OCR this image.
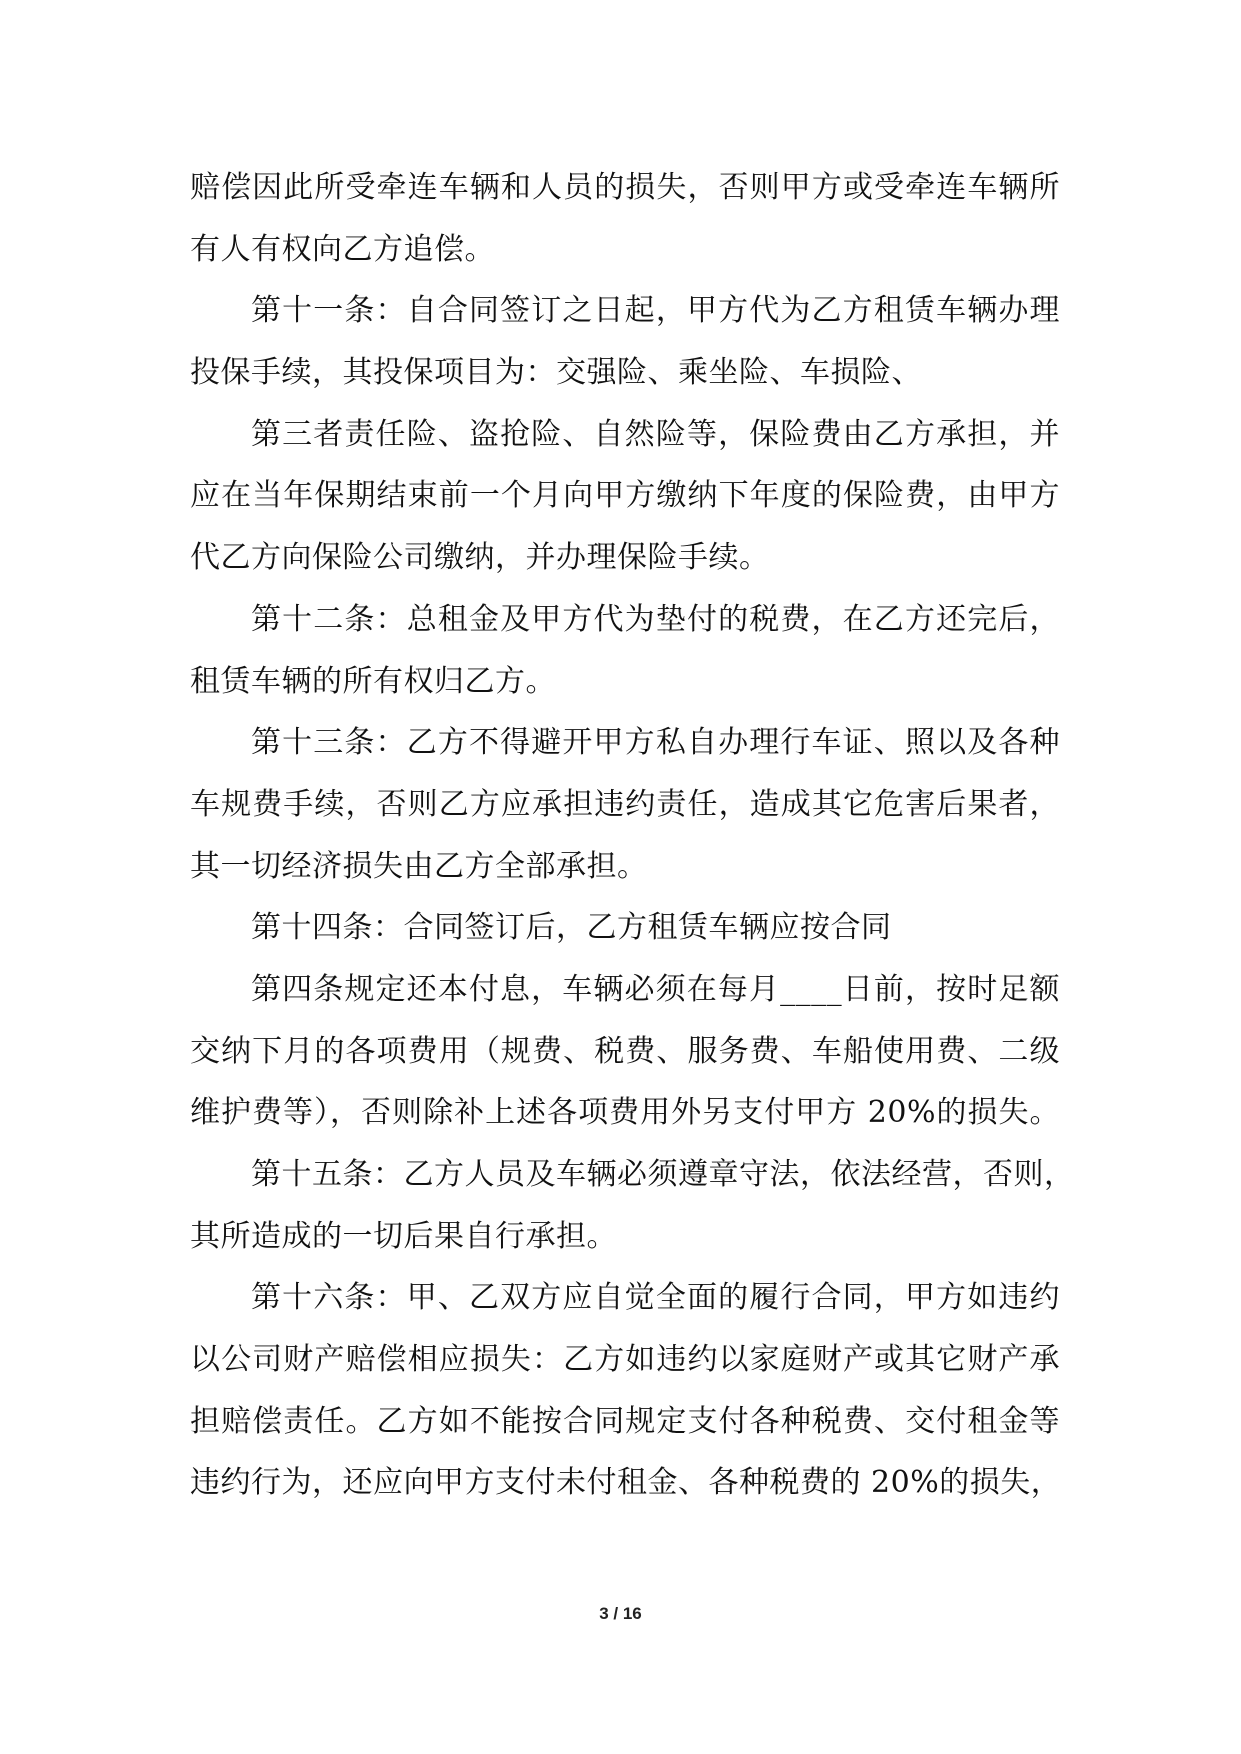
赔偿因此所受牵连车辆和人员的损失，否则甲方或受牵连车辆所
有人有权向乙方追偿。
第十一条：自合同签订之日起，甲方代为乙方租赁车辆办理
投保手续，其投保项目为：交强险、乘坐险、车损险、
第三者责任险、盗抢险、自然险等，保险费由乙方承担，并
应在当年保期结束前一个月向甲方缴纳下年度的保险费，由甲方
代乙方向保险公司缴纳，并办理保险手续。
第十二条：总租金及甲方代为垫付的税费，在乙方还完后，
租赁车辆的所有权归乙方。
第十三条：乙方不得避开甲方私自办理行车证、照以及各种
车规费手续，否则乙方应承担违约责任，造成其它危害后果者，
其一切经济损失由乙方全部承担。
第十四条：合同签订后，乙方租赁车辆应按合同
第四条规定还本付息，车辆必须在每月____日前，按时足额
交纳下月的各项费用（规费、税费、服务费、车船使用费、二级
维护费等），否则除补上述各项费用外另支付甲方 20%的损失。
第十五条：乙方人员及车辆必须遵章守法，依法经营，否则，
其所造成的一切后果自行承担。
第十六条：甲、乙双方应自觉全面的履行合同，甲方如违约
以公司财产赔偿相应损失：乙方如违约以家庭财产或其它财产承
担赔偿责任。乙方如不能按合同规定支付各种税费、交付租金等
违约行为，还应向甲方支付未付租金、各种税费的 20%的损失，
3 / 16
